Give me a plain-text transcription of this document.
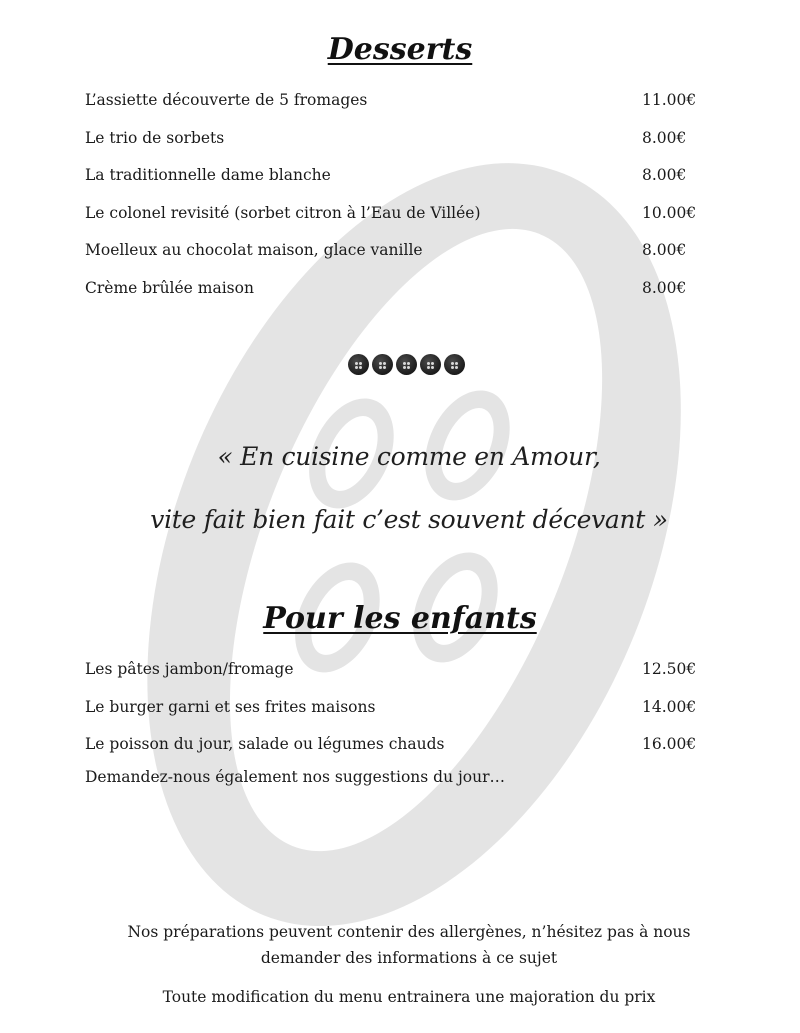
Desserts
L’assiette découverte de 5 fromages	11.00€
Le trio de sorbets	8.00€
La traditionnelle dame blanche	8.00€
Le colonel revisité (sorbet citron à l’Eau de Villée)	10.00€
Moelleux au chocolat maison, glace vanille	8.00€
Crème brûlée maison	8.00€
« En cuisine comme en Amour,
vite fait bien fait c’est souvent décevant »
Pour les enfants
Les pâtes jambon/fromage	12.50€
Le burger garni et ses frites maisons	14.00€
Le poisson du jour, salade ou légumes chauds	16.00€
Demandez-nous également nos suggestions du jour…
Nos préparations peuvent contenir des allergènes, n’hésitez pas à nous
demander des informations à ce sujet
Toute modification du menu entrainera une majoration du prix
